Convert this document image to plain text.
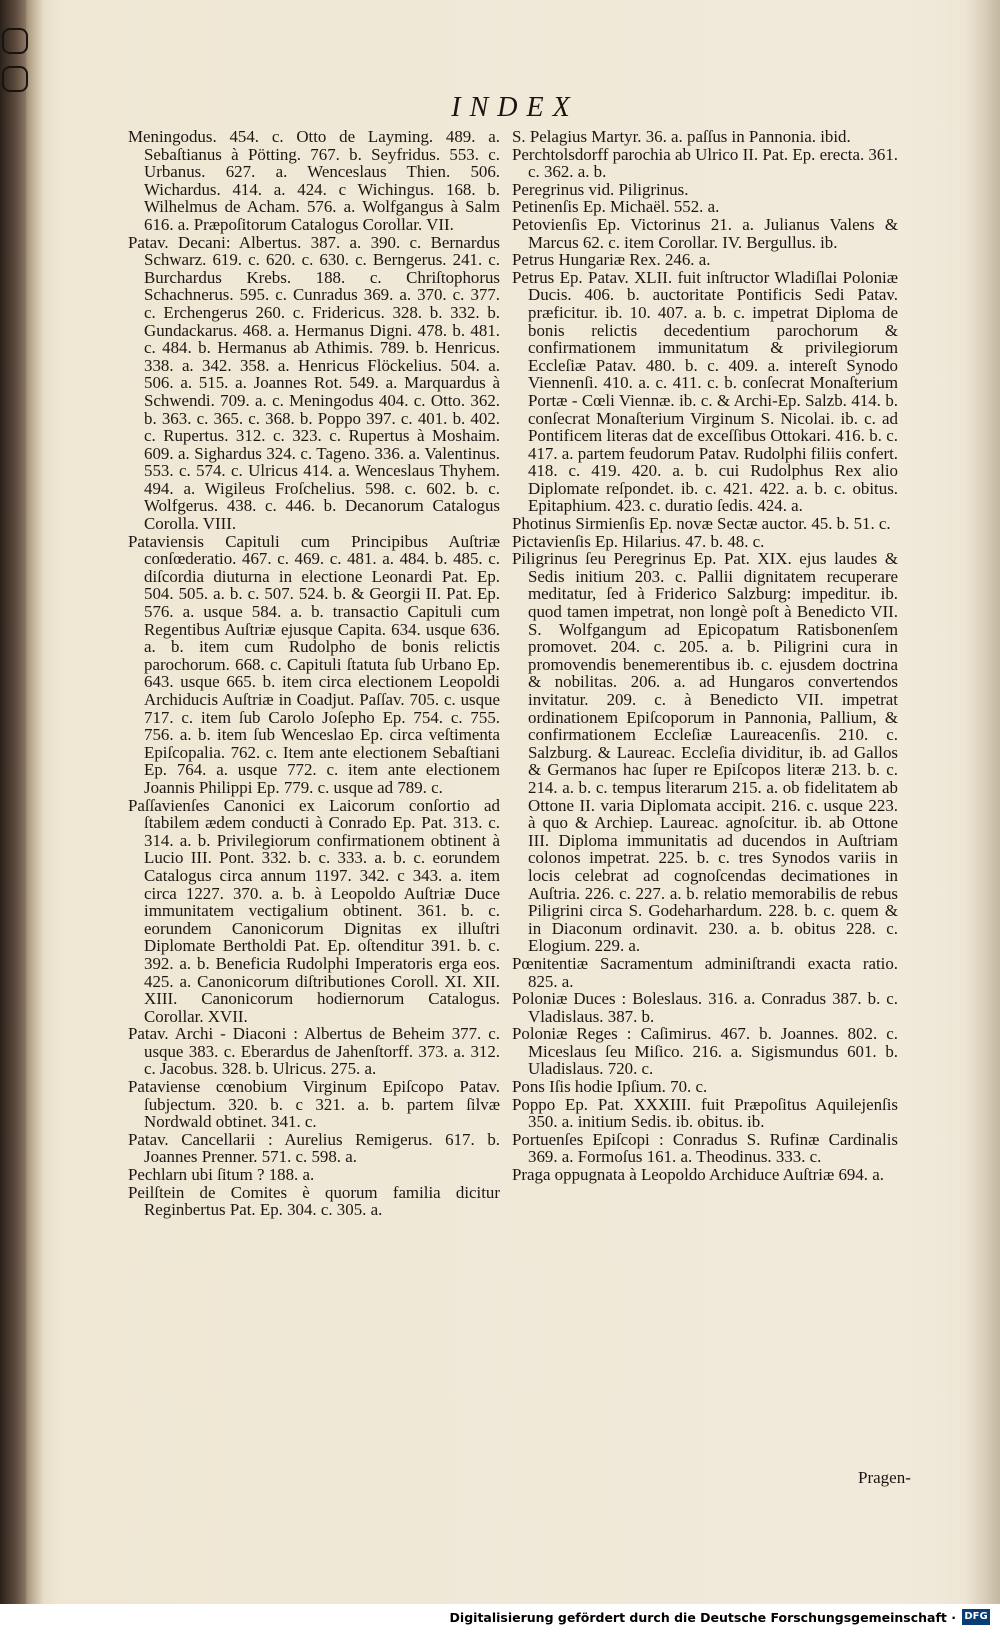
INDEX

Meningodus. 454. c. Otto de Layming. 489. a. Sebaſtianus à Pötting. 767. b. Seyfridus. 553. c. Urbanus. 627. a. Wenceslaus Thien. 506. Wichardus. 414. a. 424. c Wichingus. 168. b. Wilhelmus de Acham. 576. a. Wolfgangus à Salm 616. a. Præpoſitorum Catalogus Corollar. VII.

Patav. Decani: Albertus. 387. a. 390. c. Bernardus Schwarz. 619. c. 620. c. 630. c. Berngerus. 241. c. Burchardus Krebs. 188. c. Chriſtophorus Schachnerus. 595. c. Cunradus 369. a. 370. c. 377. c. Erchengerus 260. c. Fridericus. 328. b. 332. b. Gundackarus. 468. a. Hermanus Digni. 478. b. 481. c. 484. b. Hermanus ab Athimis. 789. b. Henricus. 338. a. 342. 358. a. Henricus Flöckelius. 504. a. 506. a. 515. a. Joannes Rot. 549. a. Marquardus à Schwendi. 709. a. c. Meningodus 404. c. Otto. 362. b. 363. c. 365. c. 368. b. Poppo 397. c. 401. b. 402. c. Rupertus. 312. c. 323. c. Rupertus à Moshaim. 609. a. Sighardus 324. c. Tageno. 336. a. Valentinus. 553. c. 574. c. Ulricus 414. a. Wenceslaus Thyhem. 494. a. Wigileus Froſchelius. 598. c. 602. b. c. Wolfgerus. 438. c. 446. b. Decanorum Catalogus Corolla. VIII.

Pataviensis Capituli cum Principibus Auſtriæ conſœderatio. 467. c. 469. c. 481. a. 484. b. 485. c. diſcordia diuturna in electione Leonardi Pat. Ep. 504. 505. a. b. c. 507. 524. b. & Georgii II. Pat. Ep. 576. a. usque 584. a. b. transactio Capituli cum Regentibus Auſtriæ ejusque Capita. 634. usque 636. a. b. item cum Rudolpho de bonis relictis parochorum. 668. c. Capituli ſtatuta ſub Urbano Ep. 643. usque 665. b. item circa electionem Leopoldi Archiducis Auſtriæ in Coadjut. Paſſav. 705. c. usque 717. c. item ſub Carolo Joſepho Ep. 754. c. 755. 756. a. b. item ſub Wenceslao Ep. circa veſtimenta Epiſcopalia. 762. c. Item ante electionem Sebaſtiani Ep. 764. a. usque 772. c. item ante electionem Joannis Philippi Ep. 779. c. usque ad 789. c.

Paſſavienſes Canonici ex Laicorum conſortio ad ſtabilem ædem conducti à Conrado Ep. Pat. 313. c. 314. a. b. Privilegiorum confirmationem obtinent à Lucio III. Pont. 332. b. c. 333. a. b. c. eorundem Catalogus circa annum 1197. 342. c 343. a. item circa 1227. 370. a. b. à Leopoldo Auſtriæ Duce immunitatem vectigalium obtinent. 361. b. c. eorundem Canonicorum Dignitas ex illuſtri Diplomate Bertholdi Pat. Ep. oſtenditur 391. b. c. 392. a. b. Beneficia Rudolphi Imperatoris erga eos. 425. a. Canonicorum diſtributiones Coroll. XI. XII. XIII. Canonicorum hodiernorum Catalogus. Corollar. XVII.

Patav. Archi - Diaconi : Albertus de Beheim 377. c. usque 383. c. Eberardus de Jahenſtorff. 373. a. 312. c. Jacobus. 328. b. Ulricus. 275. a.

Pataviense cœnobium Virginum Epiſcopo Patav. ſubjectum. 320. b. c 321. a. b. partem ſilvæ Nordwald obtinet. 341. c.

Patav. Cancellarii : Aurelius Remigerus. 617. b. Joannes Prenner. 571. c. 598. a.

Pechlarn ubi ſitum ? 188. a.

Peilſtein de Comites è quorum familia dicitur Reginbertus Pat. Ep. 304. c. 305. a.

S. Pelagius Martyr. 36. a. paſſus in Pannonia. ibid.

Perchtolsdorff parochia ab Ulrico II. Pat. Ep. erecta. 361. c. 362. a. b.

Peregrinus vid. Piligrinus.

Petinenſis Ep. Michaël. 552. a.

Petovienſis Ep. Victorinus 21. a. Julianus Valens & Marcus 62. c. item Corollar. IV. Bergullus. ib.

Petrus Hungariæ Rex. 246. a.

Petrus Ep. Patav. XLII. fuit inſtructor Wladiſlai Poloniæ Ducis. 406. b. auctoritate Pontificis Sedi Patav. præficitur. ib. 10. 407. a. b. c. impetrat Diploma de bonis relictis decedentium parochorum & confirmationem immunitatum & privilegiorum Eccleſiæ Patav. 480. b. c. 409. a. intereſt Synodo Viennenſi. 410. a. c. 411. c. b. conſecrat Monaſterium Portæ - Cœli Viennæ. ib. c. & Archi-Ep. Salzb. 414. b. conſecrat Monaſterium Virginum S. Nicolai. ib. c. ad Pontificem literas dat de exceſſibus Ottokari. 416. b. c. 417. a. partem feudorum Patav. Rudolphi filiis confert. 418. c. 419. 420. a. b. cui Rudolphus Rex alio Diplomate reſpondet. ib. c. 421. 422. a. b. c. obitus. Epitaphium. 423. c. duratio ſedis. 424. a.

Photinus Sirmienſis Ep. novæ Sectæ auctor. 45. b. 51. c.

Pictavienſis Ep. Hilarius. 47. b. 48. c.

Piligrinus ſeu Peregrinus Ep. Pat. XIX. ejus laudes & Sedis initium 203. c. Pallii dignitatem recuperare meditatur, ſed à Friderico Salzburg: impeditur. ib. quod tamen impetrat, non longè poſt à Benedicto VII. S. Wolfgangum ad Epicopatum Ratisbonenſem promovet. 204. c. 205. a. b. Piligrini cura in promovendis benemerentibus ib. c. ejusdem doctrina & nobilitas. 206. a. ad Hungaros convertendos invitatur. 209. c. à Benedicto VII. impetrat ordinationem Epiſcoporum in Pannonia, Pallium, & confirmationem Eccleſiæ Laureacenſis. 210. c. Salzburg. & Laureac. Eccleſia dividitur, ib. ad Gallos & Germanos hac ſuper re Epiſcopos literæ 213. b. c. 214. a. b. c. tempus literarum 215. a. ob fidelitatem ab Ottone II. varia Diplomata accipit. 216. c. usque 223. à quo & Archiep. Laureac. agnoſcitur. ib. ab Ottone III. Diploma immunitatis ad ducendos in Auſtriam colonos impetrat. 225. b. c. tres Synodos variis in locis celebrat ad cognoſcendas decimationes in Auſtria. 226. c. 227. a. b. relatio memorabilis de rebus Piligrini circa S. Godeharhardum. 228. b. c. quem & in Diaconum ordinavit. 230. a. b. obitus 228. c. Elogium. 229. a.

Pœnitentiæ Sacramentum adminiſtrandi exacta ratio. 825. a.

Poloniæ Duces : Boleslaus. 316. a. Conradus 387. b. c. Vladislaus. 387. b.

Poloniæ Reges : Caſimirus. 467. b. Joannes. 802. c. Miceslaus ſeu Miſico. 216. a. Sigismundus 601. b. Uladislaus. 720. c.

Pons Iſis hodie Ipſium. 70. c.

Poppo Ep. Pat. XXXIII. fuit Præpoſitus Aquilejenſis 350. a. initium Sedis. ib. obitus. ib.

Portuenſes Epiſcopi : Conradus S. Rufinæ Cardinalis 369. a. Formoſus 161. a. Theodinus. 333. c.

Praga oppugnata à Leopoldo Archiduce Auſtriæ 694. a.

Pragen-
Digitalisierung gefördert durch die Deutsche Forschungsgemeinschaft · DFG
